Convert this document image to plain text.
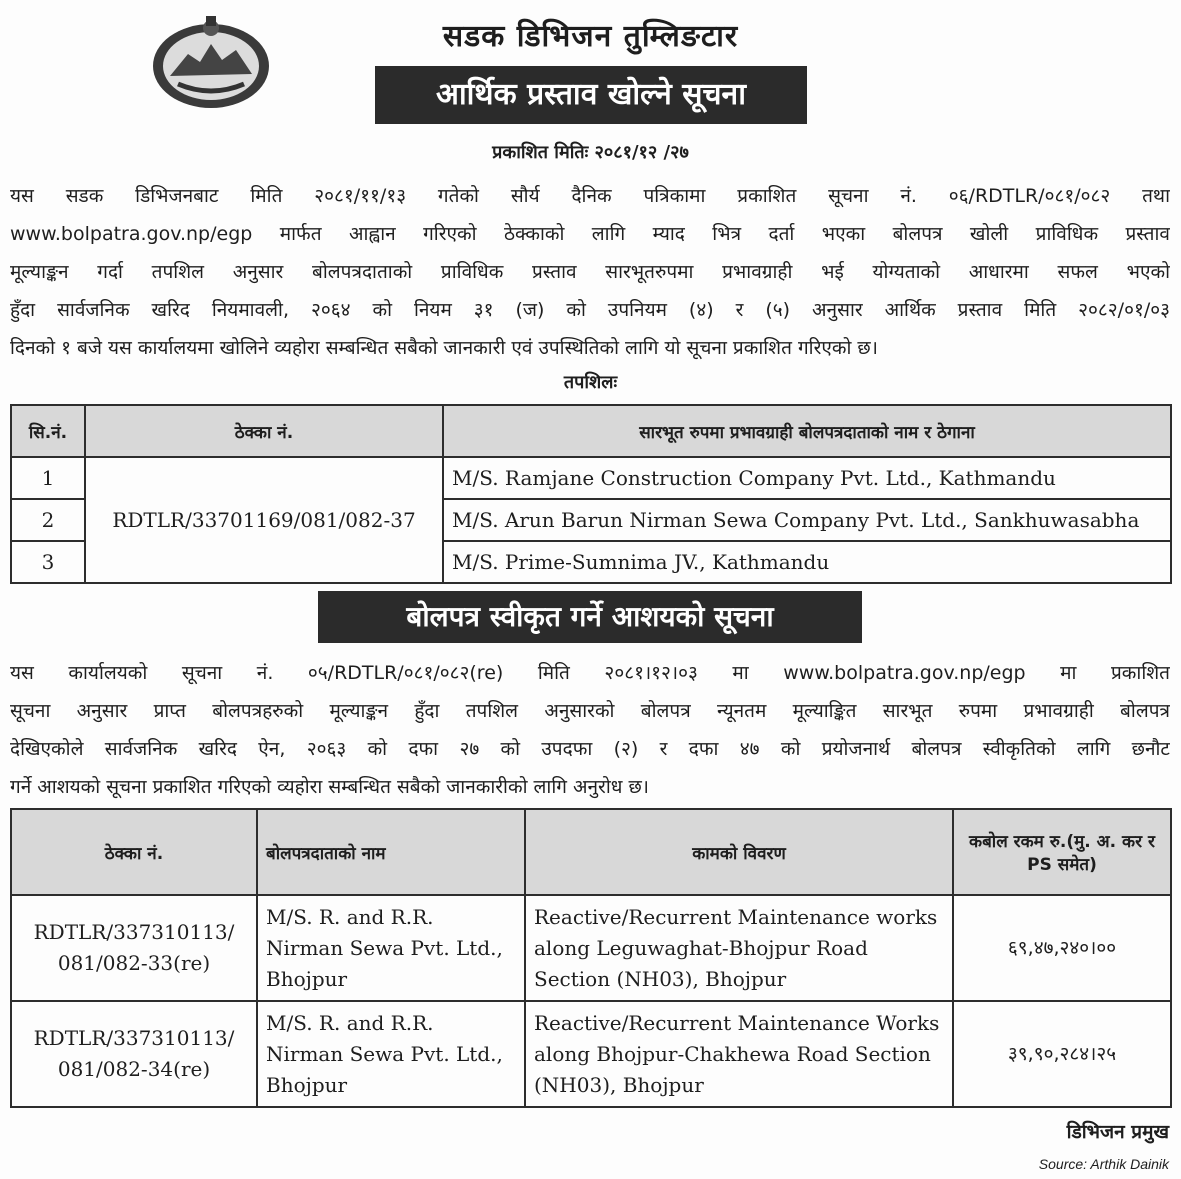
सडक डिभिजन तुम्लिङटार
आर्थिक प्रस्ताव खोल्ने सूचना
प्रकाशित मितिः २०८१/१२ /२७
यस सडक डिभिजनबाट मिति २०८१/११/१३ गतेको सौर्य दैनिक पत्रिकामा प्रकाशित सूचना नं. ०६/RDTLR/०८१/०८२ तथा
www.bolpatra.gov.np/egp मार्फत आह्वान गरिएको ठेक्काको लागि म्याद भित्र दर्ता भएका बोलपत्र खोली प्राविधिक प्रस्ताव
मूल्याङ्कन गर्दा तपशिल अनुसार बोलपत्रदाताको प्राविधिक प्रस्ताव सारभूतरुपमा प्रभावग्राही भई योग्यताको आधारमा सफल भएको
हुँदा सार्वजनिक खरिद नियमावली, २०६४ को नियम ३१ (ज) को उपनियम (४) र (५) अनुसार आर्थिक प्रस्ताव मिति २०८२/०१/०३
दिनको १ बजे यस कार्यालयमा खोलिने व्यहोरा सम्बन्धित सबैको जानकारी एवं उपस्थितिको लागि यो सूचना प्रकाशित गरिएको छ।
तपशिलः
सि.नं.	ठेक्का नं.	सारभूत रुपमा प्रभावग्राही बोलपत्रदाताको नाम र ठेगाना
1	RDTLR/33701169/081/082-37	M/S. Ramjane Construction Company Pvt. Ltd., Kathmandu
2		M/S. Arun Barun Nirman Sewa Company Pvt. Ltd., Sankhuwasabha
3		M/S. Prime-Sumnima JV., Kathmandu
बोलपत्र स्वीकृत गर्ने आशयको सूचना
यस कार्यालयको सूचना नं. ०५/RDTLR/०८१/०८२(re) मिति २०८१।१२।०३ मा www.bolpatra.gov.np/egp मा प्रकाशित
सूचना अनुसार प्राप्त बोलपत्रहरुको मूल्याङ्कन हुँदा तपशिल अनुसारको बोलपत्र न्यूनतम मूल्याङ्कित सारभूत रुपमा प्रभावग्राही बोलपत्र
देखिएकोले सार्वजनिक खरिद ऐन, २०६३ को दफा २७ को उपदफा (२) र दफा ४७ को प्रयोजनार्थ बोलपत्र स्वीकृतिको लागि छनौट
गर्ने आशयको सूचना प्रकाशित गरिएको व्यहोरा सम्बन्धित सबैको जानकारीको लागि अनुरोध छ।
ठेक्का नं.	बोलपत्रदाताको नाम	कामको विवरण	कबोल रकम रु.(मु. अ. कर र PS समेत)
RDTLR/337310113/ 081/082-33(re)	M/S. R. and R.R. Nirman Sewa Pvt. Ltd., Bhojpur	Reactive/Recurrent Maintenance works along Leguwaghat-Bhojpur Road Section (NH03), Bhojpur	६९,४७,२४०।००
RDTLR/337310113/ 081/082-34(re)	M/S. R. and R.R. Nirman Sewa Pvt. Ltd., Bhojpur	Reactive/Recurrent Maintenance Works along Bhojpur-Chakhewa Road Section (NH03), Bhojpur	३९,९०,२८४।२५
डिभिजन प्रमुख
Source: Arthik Dainik
